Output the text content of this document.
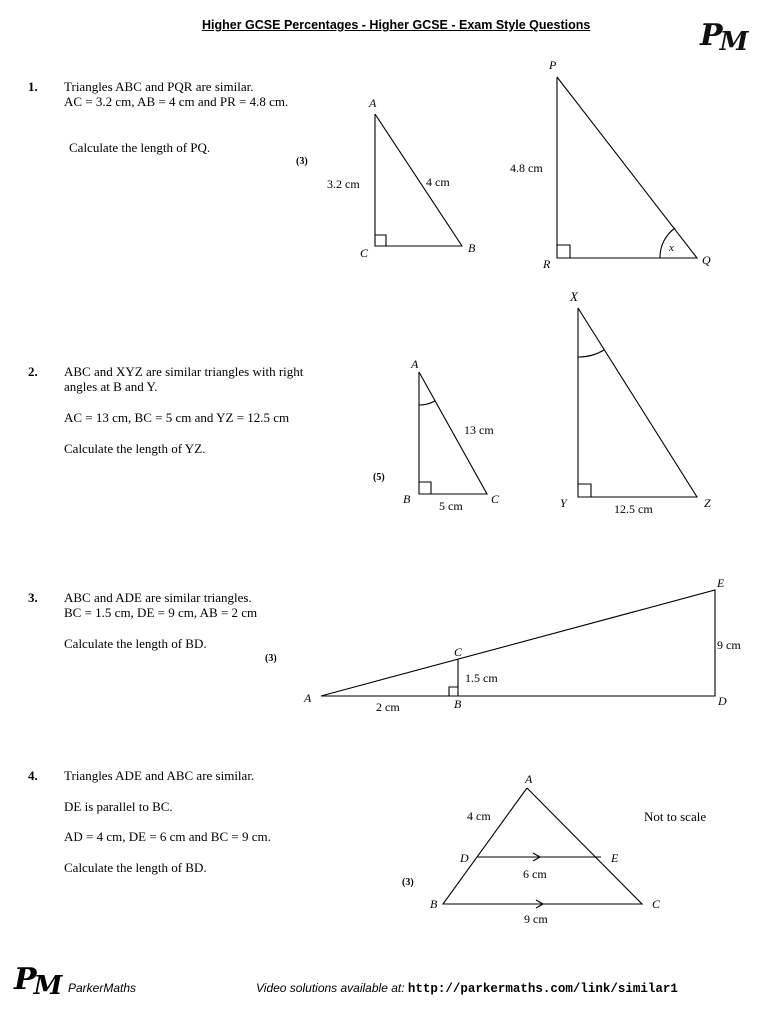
Higher GCSE Percentages - Higher GCSE - Exam Style Questions	PM
1. Triangles ABC and PQR are similar.
AC = 3.2 cm, AB = 4 cm and PR = 4.8 cm.
Calculate the length of PQ.
(3)
2. ABC and XYZ are similar triangles with right
angles at B and Y.
AC = 13 cm, BC = 5 cm and YZ = 12.5 cm
Calculate the length of YZ.
(5)
3. ABC and ADE are similar triangles.
BC = 1.5 cm, DE = 9 cm, AB = 2 cm
Calculate the length of BD.
(3)
4. Triangles ADE and ABC are similar.
DE is parallel to BC.
AD = 4 cm, DE = 6 cm and BC = 9 cm.
Calculate the length of BD.
(3)
Not to scale
A
C	B
3.2 cm	4 cm
P
R	Q
4.8 cm
x
A
B	C
13 cm
5 cm
X
Y	Z
12.5 cm
A
C
B	D
E
1.5 cm
9 cm
2 cm
A
D	E
B	C
4 cm
6 cm
9 cm
PM ParkerMaths	Video solutions available at: http://parkermaths.com/link/similar1
